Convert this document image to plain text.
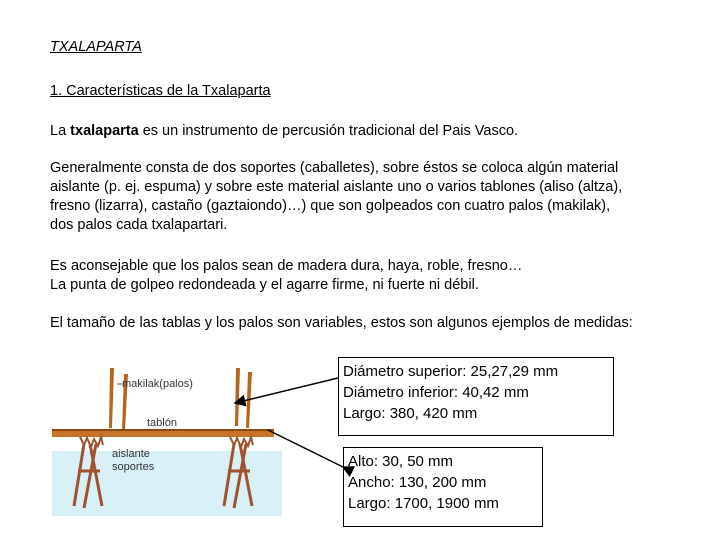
TXALAPARTA
1. Características de la Txalaparta
La txalaparta es un instrumento de percusión tradicional del Pais Vasco.
Generalmente consta de dos soportes (caballetes), sobre éstos se coloca algún material
aislante (p. ej. espuma) y sobre este material aislante uno o varios tablones (aliso (altza),
fresno (lizarra), castaño (gaztaiondo)…) que son golpeados con cuatro palos (makilak),
dos palos cada txalapartari.
Es aconsejable que los palos sean de madera dura, haya, roble, fresno…
La punta de golpeo redondeada y el agarre firme, ni fuerte ni débil.
El tamaño de las tablas y los palos son variables, estos son algunos ejemplos de medidas:
makilak(palos)
tablón
aislante
soportes
Diámetro superior: 25,27,29 mm
Diámetro inferior: 40,42 mm
Largo: 380, 420 mm
Alto: 30, 50 mm
Ancho: 130, 200 mm
Largo: 1700, 1900 mm
